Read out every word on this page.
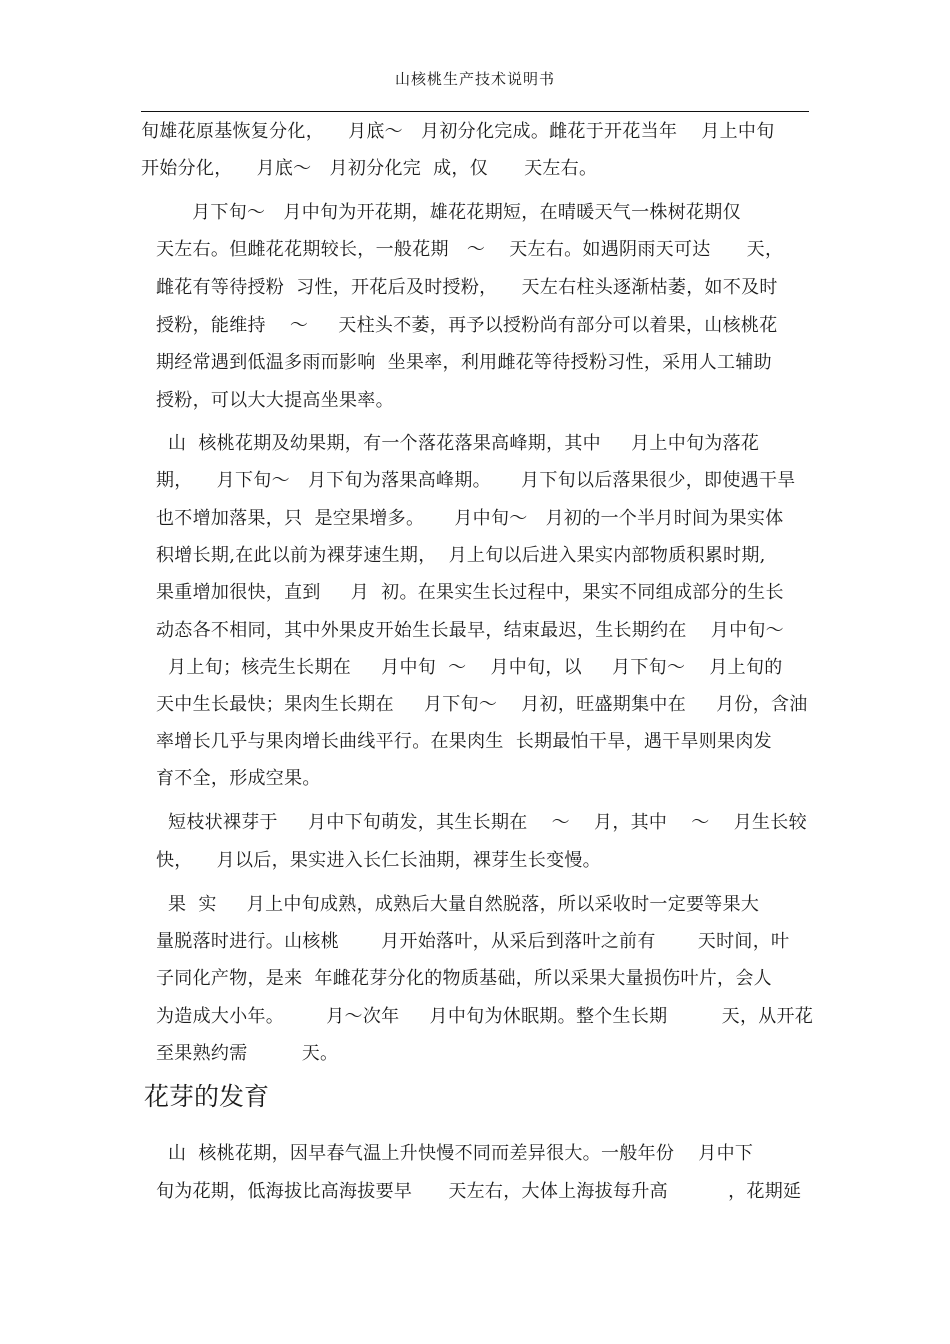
山核桃生产技术说明书
旬雄花原基恢复分化，    月底～   月初分化完成。雌花于开花当年    月上中旬
开始分化，    月底～   月初分化完  成，仅      天左右。
月下旬～   月中旬为开花期，雄花花期短，在晴暖天气一株树花期仅
天左右。但雌花花期较长，一般花期   ～    天左右。如遇阴雨天可达      天，
雌花有等待授粉  习性，开花后及时授粉，    天左右柱头逐渐枯萎，如不及时
授粉，能维持    ～     天柱头不萎，再予以授粉尚有部分可以着果，山核桃花
期经常遇到低温多雨而影响  坐果率，利用雌花等待授粉习性，采用人工辅助
授粉，可以大大提高坐果率。
山  核桃花期及幼果期，有一个落花落果高峰期，其中     月上中旬为落花
期，    月下旬～   月下旬为落果高峰期。     月下旬以后落果很少，即使遇干旱
也不增加落果，只  是空果增多。     月中旬～   月初的一个半月时间为果实体
积增长期,在此以前为裸芽速生期，  月上旬以后进入果实内部物质积累时期,
果重增加很快，直到     月  初。在果实生长过程中，果实不同组成部分的生长
动态各不相同，其中外果皮开始生长最早，结束最迟，生长期约在    月中旬～
月上旬；核壳生长期在     月中旬  ～    月中旬，以     月下旬～    月上旬的
天中生长最快；果肉生长期在     月下旬～    月初，旺盛期集中在     月份，含油
率增长几乎与果肉增长曲线平行。在果肉生  长期最怕干旱，遇干旱则果肉发
育不全，形成空果。
短枝状裸芽于     月中下旬萌发，其生长期在    ～    月，其中    ～    月生长较
快，    月以后，果实进入长仁长油期，裸芽生长变慢。
果  实     月上中旬成熟，成熟后大量自然脱落，所以采收时一定要等果大
量脱落时进行。山核桃       月开始落叶，从采后到落叶之前有       天时间，叶
子同化产物，是来  年雌花芽分化的物质基础，所以采果大量损伤叶片，会人
为造成大小年。       月～次年     月中旬为休眠期。整个生长期         天，从开花
至果熟约需         天。
花芽的发育
山  核桃花期，因早春气温上升快慢不同而差异很大。一般年份    月中下
旬为花期，低海拔比高海拔要早      天左右，大体上海拔每升高          ，花期延
